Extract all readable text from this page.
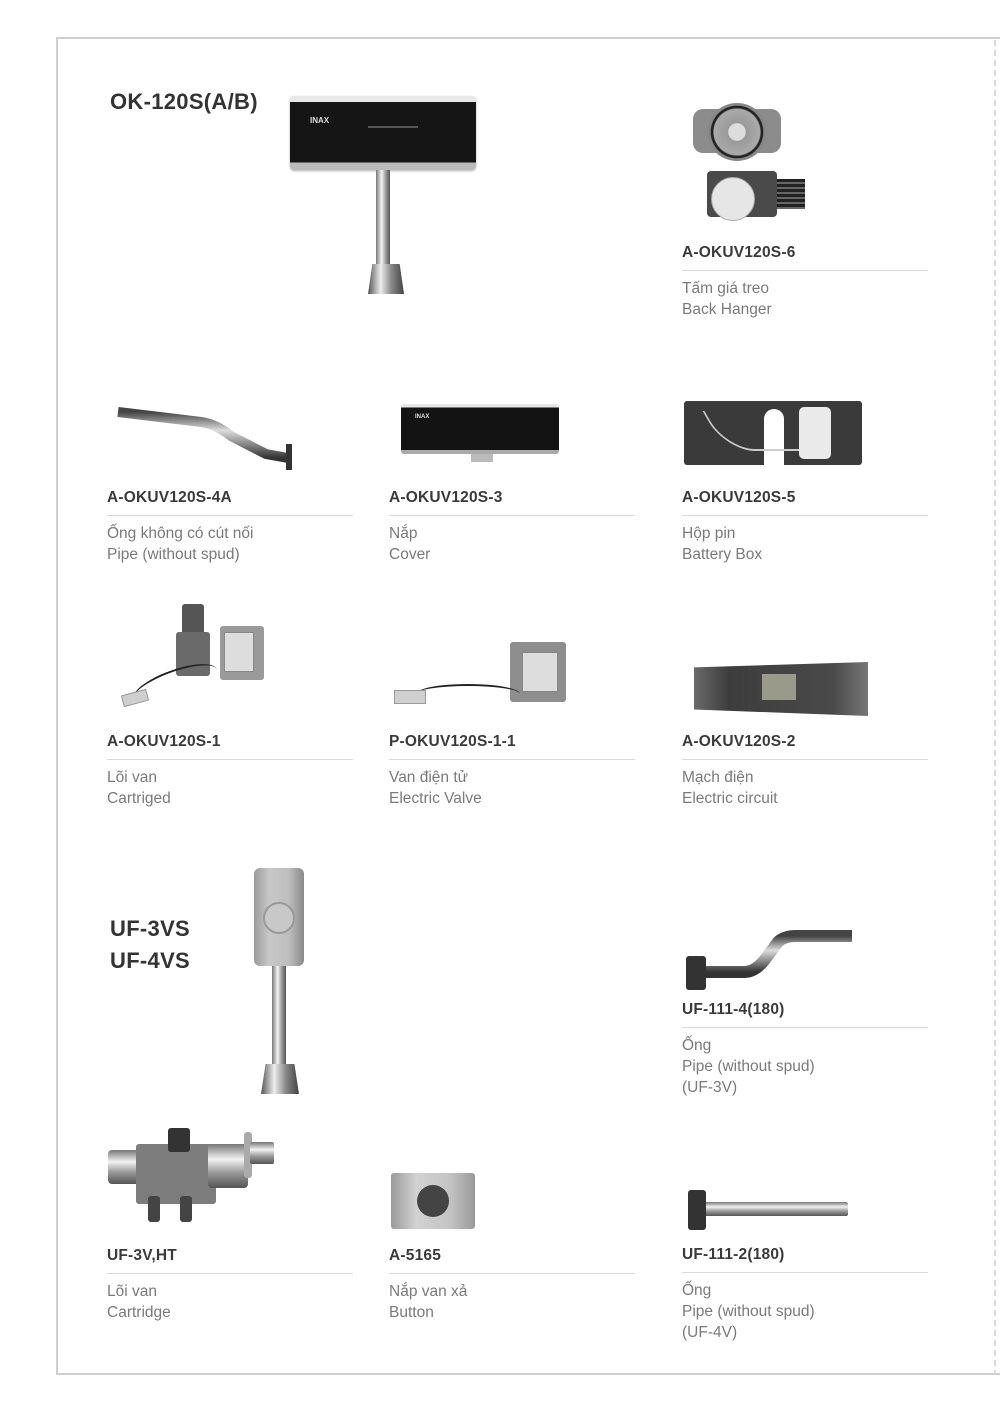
OK-120S(A/B)
INAX
A-OKUV120S-6
Tấm giá treo
Back Hanger
A-OKUV120S-4A
Ống không có cút nối
Pipe (without spud)
INAX
A-OKUV120S-3
Nắp
Cover
A-OKUV120S-5
Hộp pin
Battery Box
A-OKUV120S-1
Lõi van
Cartriged
P-OKUV120S-1-1
Van điện tử
Electric Valve
A-OKUV120S-2
Mạch điện
Electric circuit
UF-3VS
UF-4VS
UF-111-4(180)
Ống
Pipe (without spud)
(UF-3V)
UF-3V,HT
Lõi van
Cartridge
A-5165
Nắp van xả
Button
UF-111-2(180)
Ống
Pipe (without spud)
(UF-4V)
